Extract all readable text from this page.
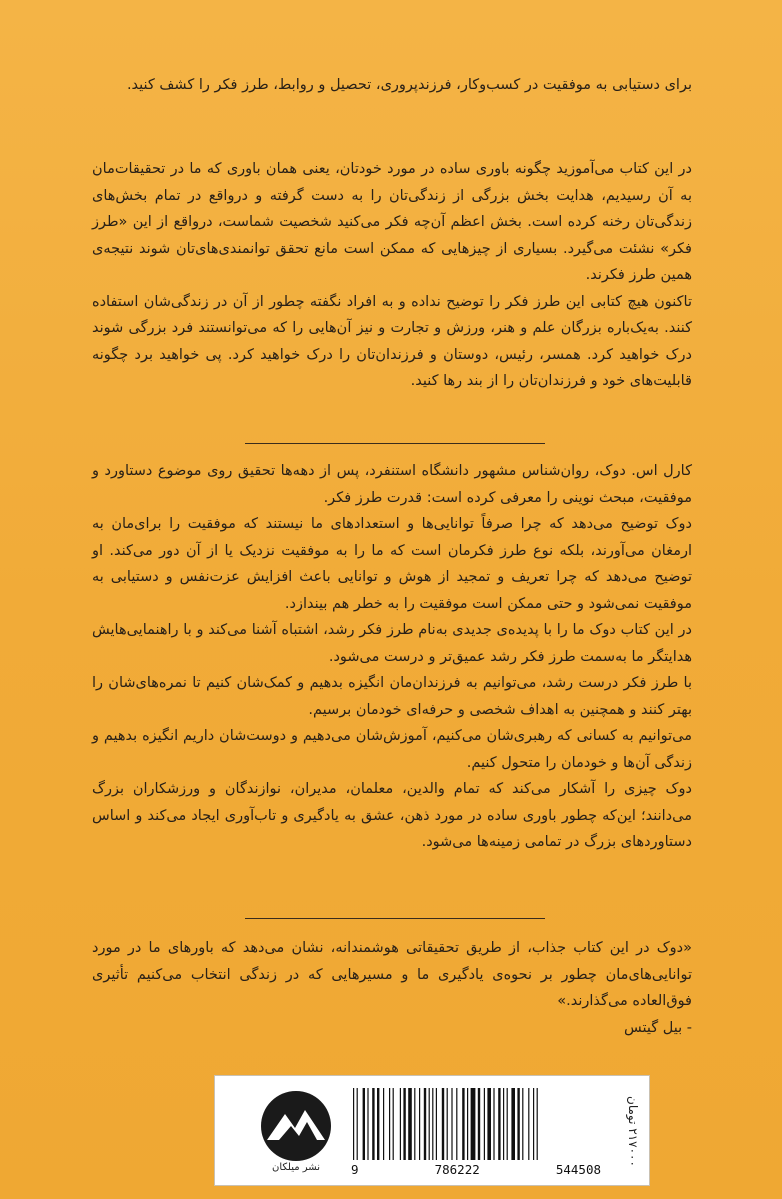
برای دستیابی به موفقیت در کسب‌وکار، فرزندپروری، تحصیل و روابط، طرز فکر را کشف کنید.

در این کتاب می‌آموزید چگونه باوری ساده در مورد خودتان، یعنی همان باوری که ما در تحقیقات‌مان به آن رسیدیم، هدایت بخش بزرگی از زندگی‌تان را به دست گرفته و درواقع در تمام بخش‌های زندگی‌تان رخنه کرده است. بخش اعظم آن‌چه فکر می‌کنید شخصیت شماست، درواقع از این «طرز فکر» نشئت می‌گیرد. بسیاری از چیزهایی که ممکن است مانع تحقق توانمندی‌های‌تان شوند نتیجه‌ی همین طرز فکرند.

تاکنون هیچ کتابی این طرز فکر را توضیح نداده و به افراد نگفته چطور از آن در زندگی‌شان استفاده کنند. به‌یک‌باره بزرگان علم و هنر، ورزش و تجارت و نیز آن‌هایی را که می‌توانستند فرد بزرگی شوند درک خواهید کرد. همسر، رئیس، دوستان و فرزندان‌تان را درک خواهید کرد. پی خواهید برد چگونه قابلیت‌های خود و فرزندان‌تان را از بند رها کنید.

کارل اس. دوک، روان‌شناس مشهور دانشگاه استنفرد، پس از دهه‌ها تحقیق روی موضوع دستاورد و موفقیت، مبحث نوینی را معرفی کرده است: قدرت طرز فکر.

دوک توضیح می‌دهد که چرا صرفاً توانایی‌ها و استعدادهای ما نیستند که موفقیت را برای‌مان به ارمغان می‌آورند، بلکه نوع طرز فکرمان است که ما را به موفقیت نزدیک یا از آن دور می‌کند. او توضیح می‌دهد که چرا تعریف و تمجید از هوش و توانایی باعث افزایش عزت‌نفس و دستیابی به موفقیت نمی‌شود و حتی ممکن است موفقیت را به خطر هم بیندازد.

در این کتاب دوک ما را با پدیده‌ی جدیدی به‌نام طرز فکر رشد، اشتباه آشنا می‌کند و با راهنمایی‌هایش هدایتگر ما به‌سمت طرز فکر رشد عمیق‌تر و درست می‌شود.

با طرز فکر درست رشد، می‌توانیم به فرزندان‌مان انگیزه بدهیم و کمک‌شان کنیم تا نمره‌های‌شان را بهتر کنند و همچنین به اهداف شخصی و حرفه‌ای خودمان برسیم.

می‌توانیم به کسانی که رهبری‌شان می‌کنیم، آموزش‌شان می‌دهیم و دوست‌شان داریم انگیزه بدهیم و زندگی آن‌ها و خودمان را متحول کنیم.

دوک چیزی را آشکار می‌کند که تمام والدین، معلمان، مدیران، نوازندگان و ورزشکاران بزرگ می‌دانند؛ این‌که چطور باوری ساده در مورد ذهن، عشق به یادگیری و تاب‌آوری ایجاد می‌کند و اساس دستاوردهای بزرگ در تمامی زمینه‌ها می‌شود.

«دوک در این کتاب جذاب، از طریق تحقیقاتی هوشمندانه، نشان می‌دهد که باورهای ما در مورد توانایی‌های‌مان چطور بر نحوه‌ی یادگیری ما و مسیرهایی که در زندگی انتخاب می‌کنیم تأثیری فوق‌العاده می‌گذارند.»

- بیل گیتس

نشر میلکان	9	786222	544508
۲۱۷۰۰۰ تومان
